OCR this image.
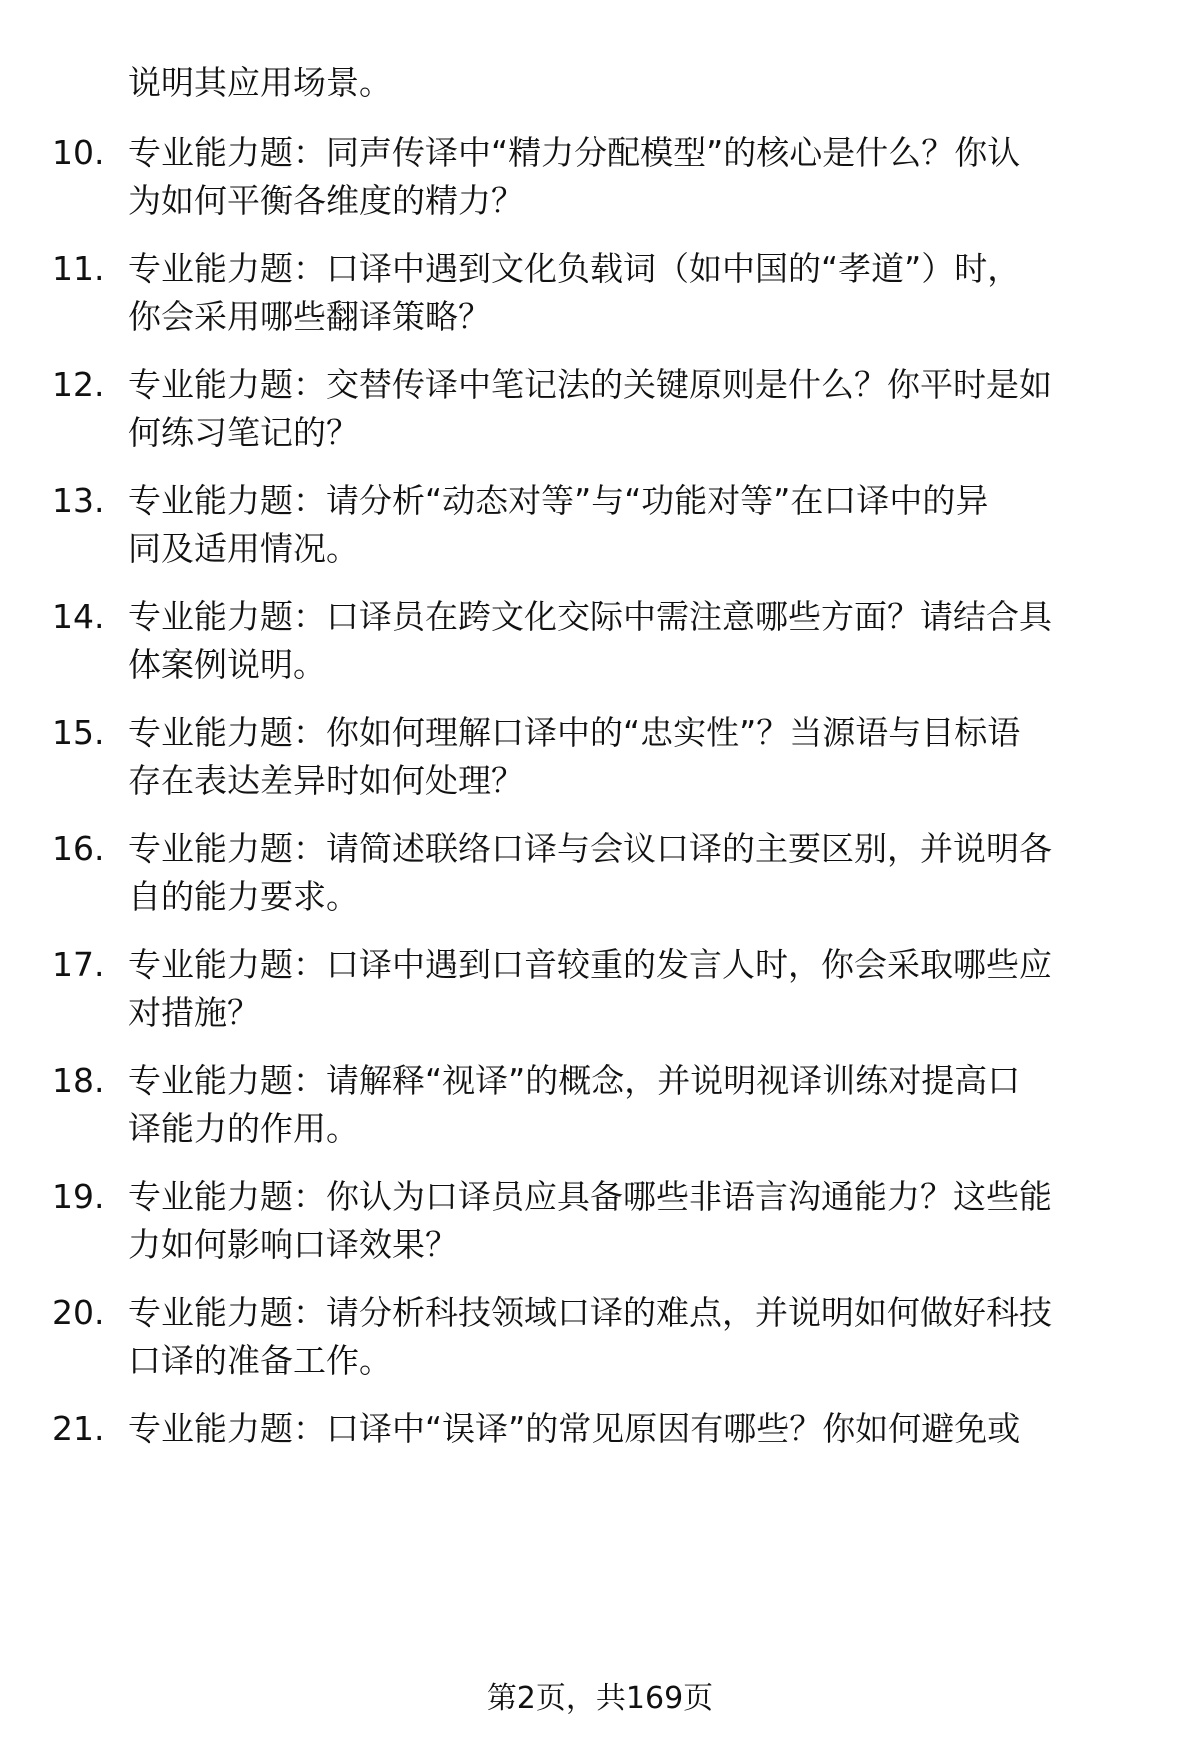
说明其应用场景。
10. 专业能力题：同声传译中“精力分配模型”的核心是什么？你认
为如何平衡各维度的精力？
11. 专业能力题：口译中遇到文化负载词（如中国的“孝道”）时，
你会采用哪些翻译策略？
12. 专业能力题：交替传译中笔记法的关键原则是什么？你平时是如
何练习笔记的？
13. 专业能力题：请分析“动态对等”与“功能对等”在口译中的异
同及适用情况。
14. 专业能力题：口译员在跨文化交际中需注意哪些方面？请结合具
体案例说明。
15. 专业能力题：你如何理解口译中的“忠实性”？当源语与目标语
存在表达差异时如何处理？
16. 专业能力题：请简述联络口译与会议口译的主要区别，并说明各
自的能力要求。
17. 专业能力题：口译中遇到口音较重的发言人时，你会采取哪些应
对措施？
18. 专业能力题：请解释“视译”的概念，并说明视译训练对提高口
译能力的作用。
19. 专业能力题：你认为口译员应具备哪些非语言沟通能力？这些能
力如何影响口译效果？
20. 专业能力题：请分析科技领域口译的难点，并说明如何做好科技
口译的准备工作。
21. 专业能力题：口译中“误译”的常见原因有哪些？你如何避免或
第2页，共169页
